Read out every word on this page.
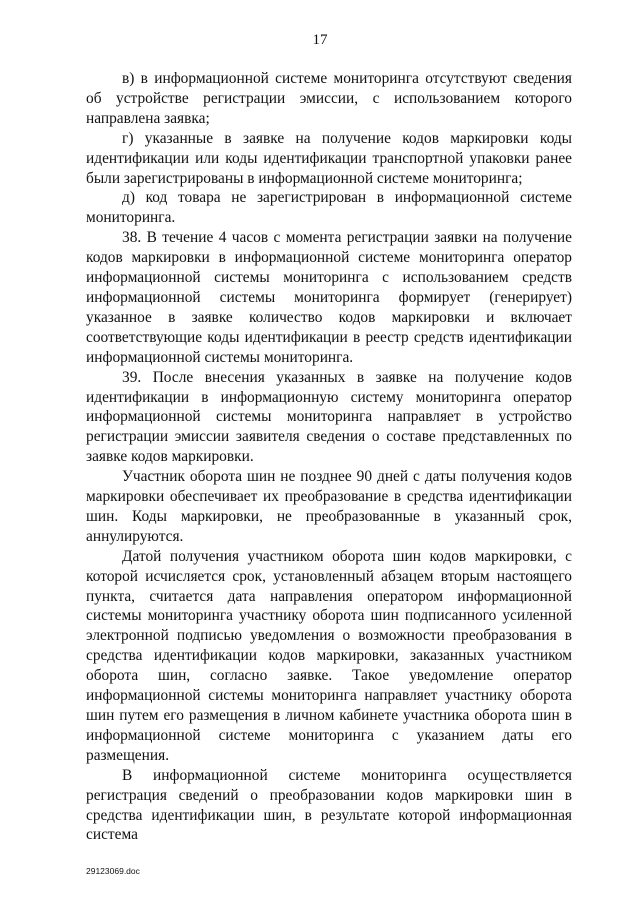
17

в) в информационной системе мониторинга отсутствуют сведения об устройстве регистрации эмиссии, с использованием которого направлена заявка;

г) указанные в заявке на получение кодов маркировки коды идентификации или коды идентификации транспортной упаковки ранее были зарегистрированы в информационной системе мониторинга;

д) код товара не зарегистрирован в информационной системе мониторинга.

38. В течение 4 часов с момента регистрации заявки на получение кодов маркировки в информационной системе мониторинга оператор информационной системы мониторинга с использованием средств информационной системы мониторинга формирует (генерирует) указанное в заявке количество кодов маркировки и включает соответствующие коды идентификации в реестр средств идентификации информационной системы мониторинга.

39. После внесения указанных в заявке на получение кодов идентификации в информационную систему мониторинга оператор информационной системы мониторинга направляет в устройство регистрации эмиссии заявителя сведения о составе представленных по заявке кодов маркировки.

Участник оборота шин не позднее 90 дней с даты получения кодов маркировки обеспечивает их преобразование в средства идентификации шин. Коды маркировки, не преобразованные в указанный срок, аннулируются.

Датой получения участником оборота шин кодов маркировки, с которой исчисляется срок, установленный абзацем вторым настоящего пункта, считается дата направления оператором информационной системы мониторинга участнику оборота шин подписанного усиленной электронной подписью уведомления о возможности преобразования в средства идентификации кодов маркировки, заказанных участником оборота шин, согласно заявке. Такое уведомление оператор информационной системы мониторинга направляет участнику оборота шин путем его размещения в личном кабинете участника оборота шин в информационной системе мониторинга с указанием даты его размещения.

В информационной системе мониторинга осуществляется регистрация сведений о преобразовании кодов маркировки шин в средства идентификации шин, в результате которой информационная система

29123069.doc
